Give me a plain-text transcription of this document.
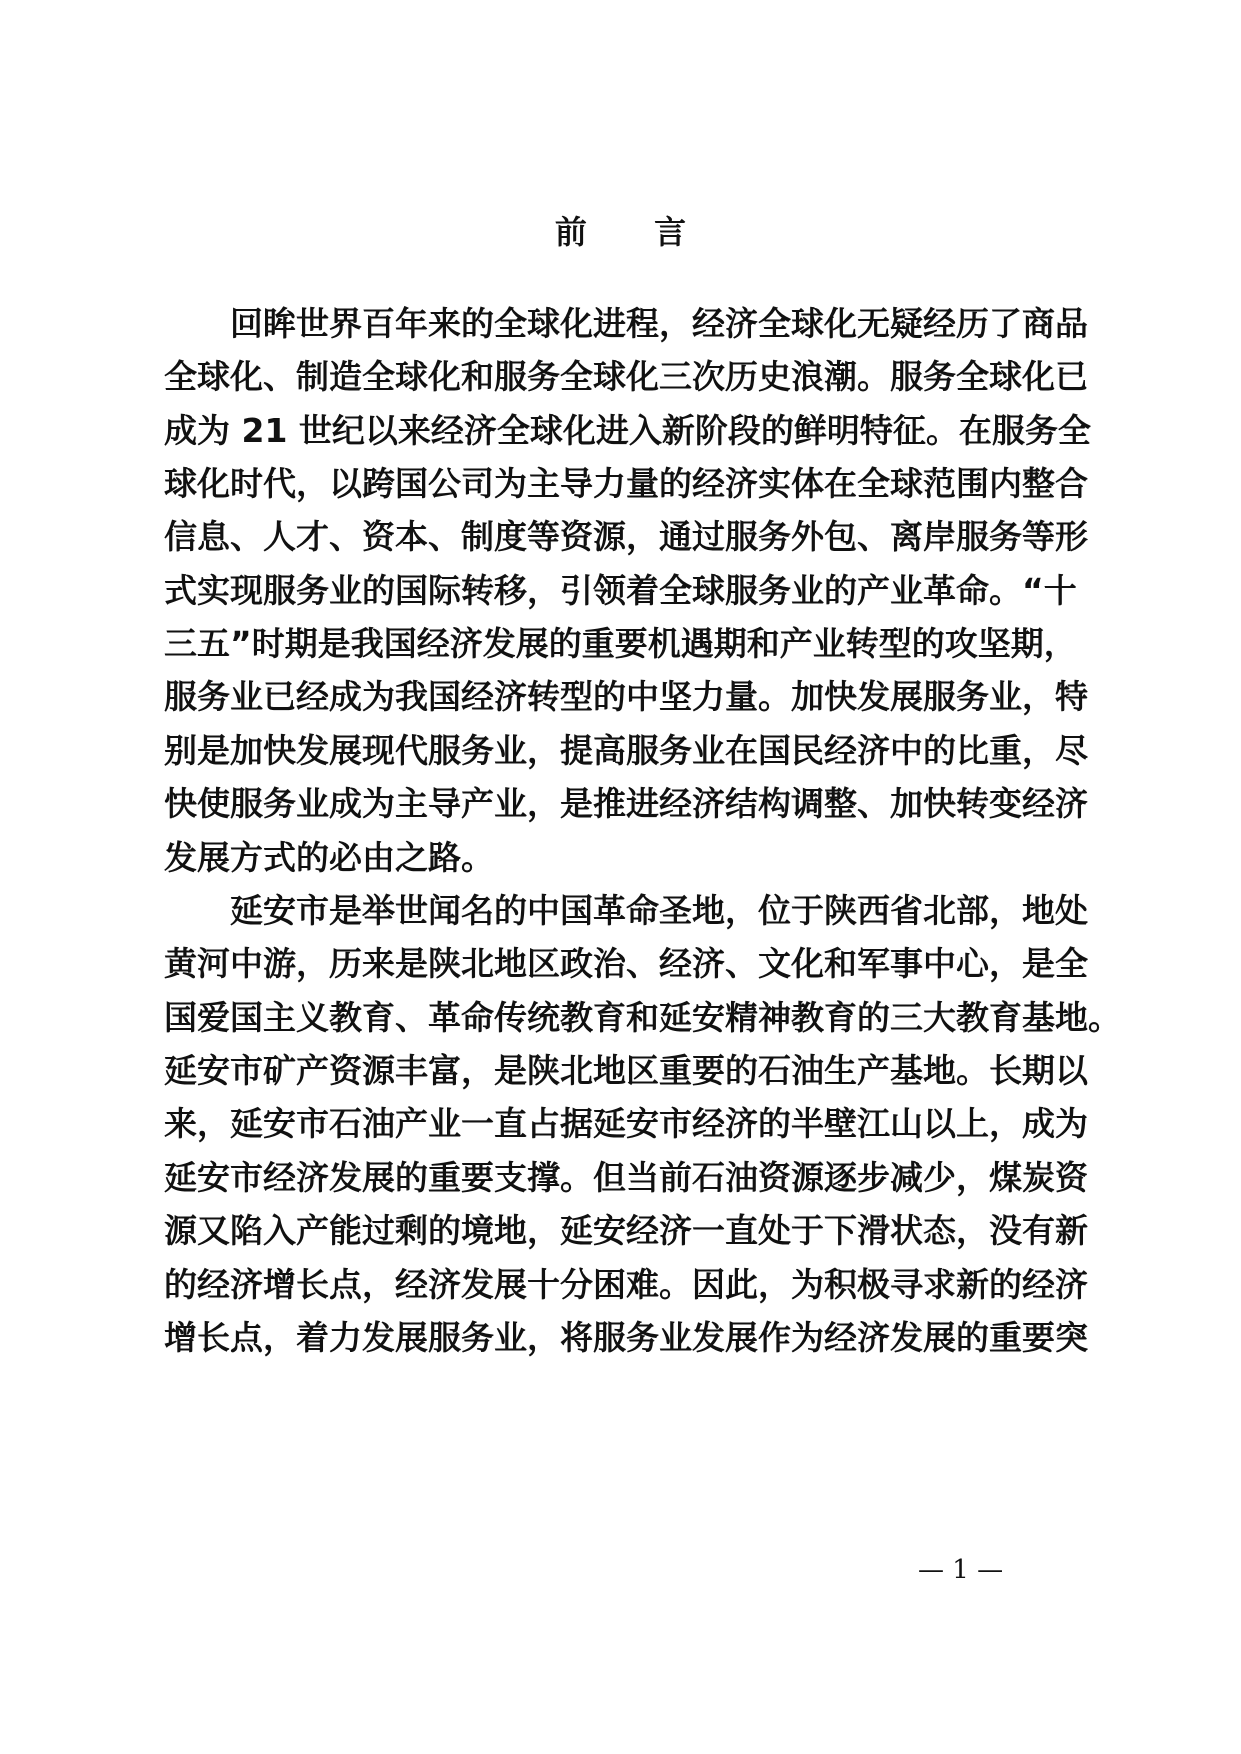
前 言
　　回眸世界百年来的全球化进程，经济全球化无疑经历了商品
全球化、制造全球化和服务全球化三次历史浪潮。服务全球化已
成为 21 世纪以来经济全球化进入新阶段的鲜明特征。在服务全
球化时代，以跨国公司为主导力量的经济实体在全球范围内整合
信息、人才、资本、制度等资源，通过服务外包、离岸服务等形
式实现服务业的国际转移，引领着全球服务业的产业革命。“十
三五”时期是我国经济发展的重要机遇期和产业转型的攻坚期，
服务业已经成为我国经济转型的中坚力量。加快发展服务业，特
别是加快发展现代服务业，提高服务业在国民经济中的比重，尽
快使服务业成为主导产业，是推进经济结构调整、加快转变经济
发展方式的必由之路。
　　延安市是举世闻名的中国革命圣地，位于陕西省北部，地处
黄河中游，历来是陕北地区政治、经济、文化和军事中心，是全
国爱国主义教育、革命传统教育和延安精神教育的三大教育基地。
延安市矿产资源丰富，是陕北地区重要的石油生产基地。长期以
来，延安市石油产业一直占据延安市经济的半壁江山以上，成为
延安市经济发展的重要支撑。但当前石油资源逐步减少，煤炭资
源又陷入产能过剩的境地，延安经济一直处于下滑状态，没有新
的经济增长点，经济发展十分困难。因此，为积极寻求新的经济
增长点，着力发展服务业，将服务业发展作为经济发展的重要突
— 1 —
